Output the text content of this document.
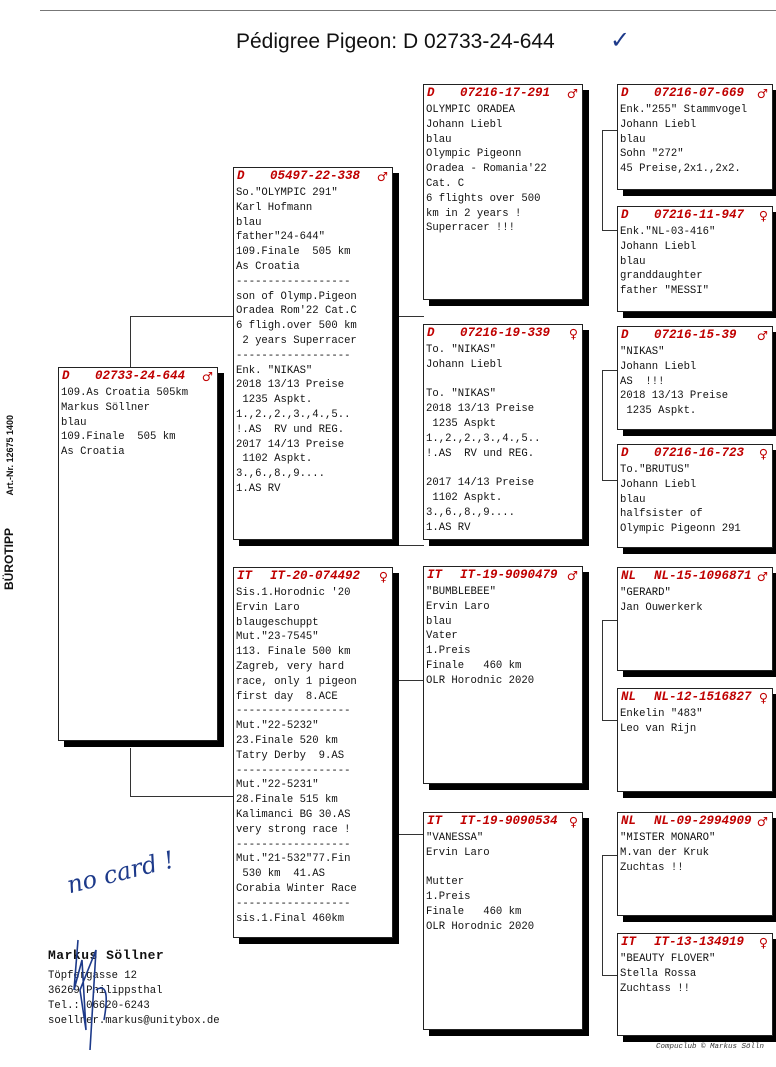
Pédigree Pigeon: D 02733-24-644 ✓
BÜROTIPP Art.-Nr. 12675 1400
D 02733-24-644 ♂
109.As Croatia 505km
Markus Söllner
blau
109.Finale  505 km
As Croatia
D 05497-22-338 ♂
So."OLYMPIC 291"
Karl Hofmann
blau
father"24-644"
109.Finale  505 km
As Croatia
------------------
son of Olymp.Pigeon
Oradea Rom'22 Cat.C
6 fligh.over 500 km
2 years Superracer
------------------
Enk. "NIKAS"
2018 13/13 Preise
1235 Aspkt.
1.,2.,2.,3.,4.,5..
!.AS  RV und REG.
2017 14/13 Preise
1102 Aspkt.
3.,6.,8.,9....
1.AS RV
IT IT-20-074492 ♀
Sis.1.Horodnic '20
Ervin Laro
blaugeschuppt
Mut."23-7545"
113. Finale 500 km
Zagreb, very hard
race, only 1 pigeon
first day  8.ACE
------------------
Mut."22-5232"
23.Finale 520 km
Tatry Derby  9.AS
------------------
Mut."22-5231"
28.Finale 515 km
Kalimanci BG 30.AS
very strong race !
------------------
Mut."21-532"77.Fin
530 km  41.AS
Corabia Winter Race
------------------
sis.1.Final 460km
D 07216-17-291 ♂
OLYMPIC ORADEA
Johann Liebl
blau
Olympic Pigeonn
Oradea - Romania'22
Cat. C
6 flights over 500
km in 2 years !
Superracer !!!
D 07216-19-339 ♀
To. "NIKAS"
Johann Liebl

To. "NIKAS"
2018 13/13 Preise
1235 Aspkt
1.,2.,2.,3.,4.,5..
!.AS  RV und REG.

2017 14/13 Preise
1102 Aspkt.
3.,6.,8.,9....
1.AS RV
IT IT-19-9090479 ♂
"BUMBLEBEE"
Ervin Laro
blau
Vater
1.Preis
Finale   460 km
OLR Horodnic 2020
IT IT-19-9090534 ♀
"VANESSA"
Ervin Laro

Mutter
1.Preis
Finale   460 km
OLR Horodnic 2020
D 07216-07-669 ♂
Enk."255" Stammvogel
Johann Liebl
blau
Sohn "272"
45 Preise,2x1.,2x2.
D 07216-11-947 ♀
Enk."NL-03-416"
Johann Liebl
blau
granddaughter
father "MESSI"
D 07216-15-39 ♂
"NIKAS"
Johann Liebl
AS  !!!
2018 13/13 Preise
1235 Aspkt.
D 07216-16-723 ♀
To."BRUTUS"
Johann Liebl
blau
halfsister of
Olympic Pigeonn 291
NL NL-15-1096871 ♂
"GERARD"
Jan Ouwerkerk
NL NL-12-1516827 ♀
Enkelin "483"
Leo van Rijn
NL NL-09-2994909 ♂
"MISTER MONARO"
M.van der Kruk
Zuchtas !!
IT IT-13-134919 ♀
"BEAUTY FLOVER"
Stella Rossa
Zuchtass !!
no card !
Markus Söllner
Töpfergasse 12
36269 Philippsthal
Tel.: 06620-6243
soellner.markus@unitybox.de
Compuclub © Markus Sölln
